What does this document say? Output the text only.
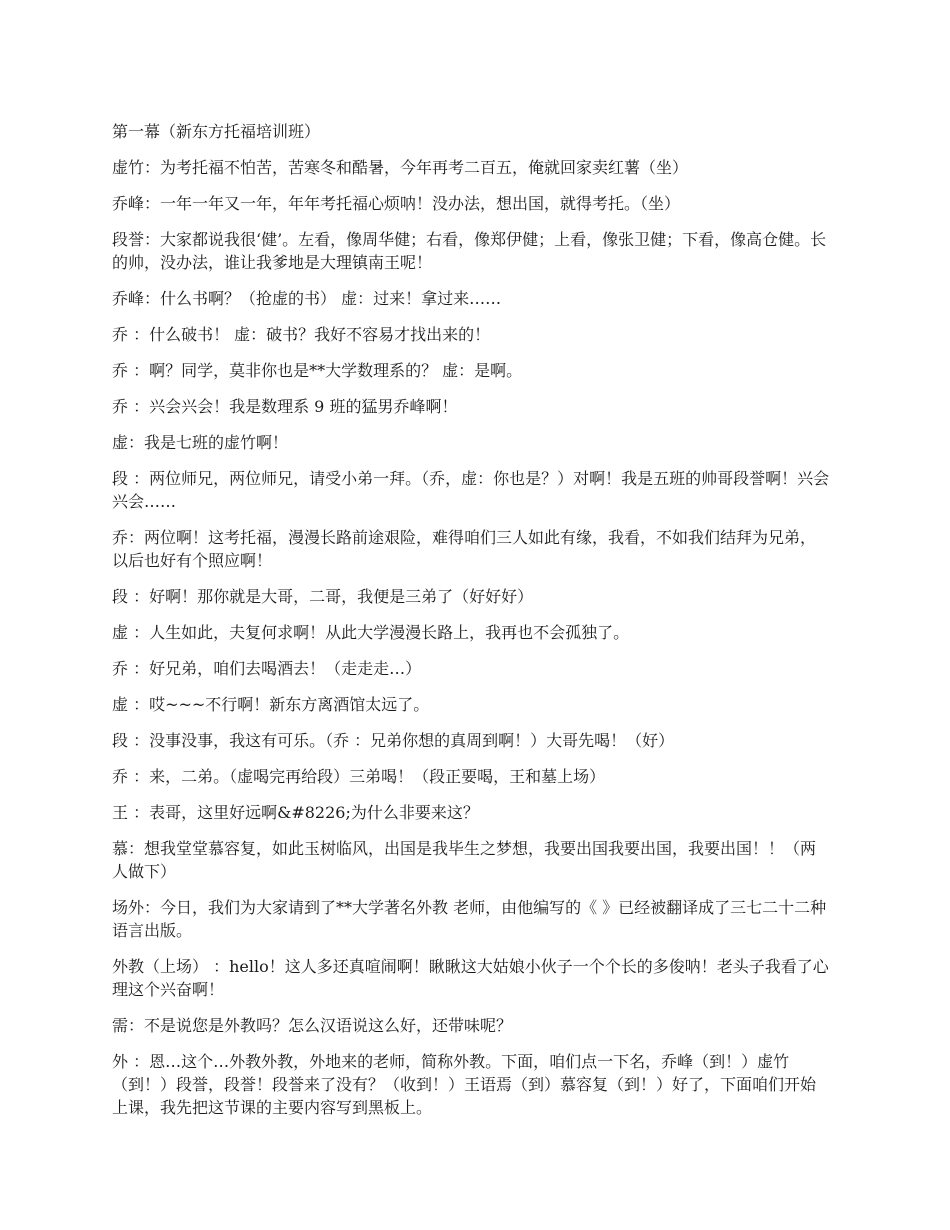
第一幕（新东方托福培训班）

虚竹：为考托福不怕苦，苦寒冬和酷暑，今年再考二百五，俺就回家卖红薯（坐）

乔峰：一年一年又一年，年年考托福心烦呐！没办法，想出国，就得考托。（坐）

段誉：大家都说我很‘健’。左看，像周华健；右看，像郑伊健；上看，像张卫健；下看，像高仓健。长的帅，没办法，谁让我爹地是大理镇南王呢！

乔峰：什么书啊？（抢虚的书） 虚：过来！拿过来……

乔 ：什么破书！ 虚：破书？我好不容易才找出来的！

乔 ：啊？同学，莫非你也是**大学数理系的？ 虚：是啊。

乔 ：兴会兴会！我是数理系 9 班的猛男乔峰啊！

虚：我是七班的虚竹啊！

段 ：两位师兄，两位师兄，请受小弟一拜。（乔，虚：你也是？）对啊！我是五班的帅哥段誉啊！兴会兴会……

乔：两位啊！这考托福，漫漫长路前途艰险，难得咱们三人如此有缘，我看，不如我们结拜为兄弟，以后也好有个照应啊！

段 ：好啊！那你就是大哥，二哥，我便是三弟了（好好好）

虚 ：人生如此，夫复何求啊！从此大学漫漫长路上，我再也不会孤独了。

乔 ：好兄弟，咱们去喝酒去！（走走走…）

虚 ：哎~~~不行啊！新东方离酒馆太远了。

段 ：没事没事，我这有可乐。（乔 ：兄弟你想的真周到啊！）大哥先喝！（好）

乔 ：来，二弟。（虚喝完再给段）三弟喝！（段正要喝，王和墓上场）

王 ：表哥，这里好远啊&#8226;为什么非要来这？

慕：想我堂堂慕容复，如此玉树临风，出国是我毕生之梦想，我要出国我要出国，我要出国！！（两人做下）

场外：今日，我们为大家请到了**大学著名外教 老师，由他编写的《 》已经被翻译成了三七二十二种语言出版。

外教（上场） ：hello！这人多还真喧闹啊！瞅瞅这大姑娘小伙子一个个长的多俊呐！老头子我看了心理这个兴奋啊！

需：不是说您是外教吗？怎么汉语说这么好，还带味呢？

外 ：恩…这个…外教外教，外地来的老师，简称外教。下面，咱们点一下名，乔峰（到！）虚竹（到！）段誉，段誉！段誉来了没有？（收到！）王语焉（到）慕容复（到！）好了，下面咱们开始上课，我先把这节课的主要内容写到黑板上。
